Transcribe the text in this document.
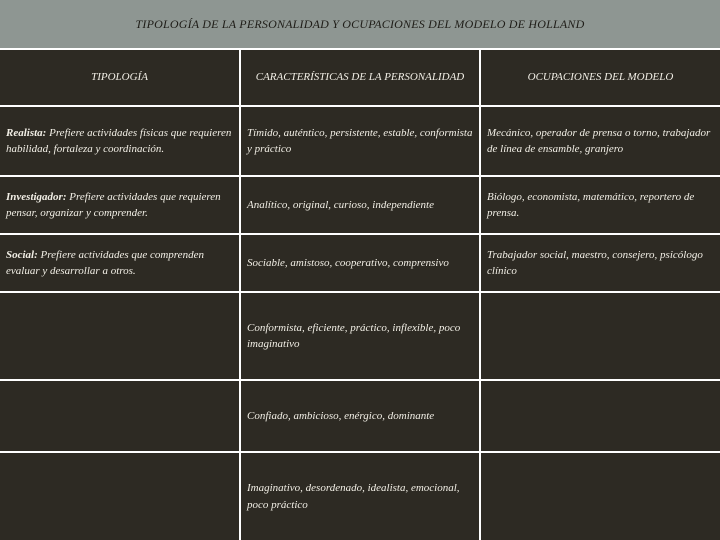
TIPOLOGÍA DE LA PERSONALIDAD Y OCUPACIONES DEL MODELO DE HOLLAND
TIPOLOGÍA	CARACTERÍSTICAS DE LA PERSONALIDAD	OCUPACIONES DEL MODELO
Realista: Prefiere actividades físicas que requieren habilidad, fortaleza y coordinación.	Tímido, auténtico, persistente, estable, conformista y práctico	Mecánico, operador de prensa o torno, trabajador de línea de ensamble, granjero
Investigador: Prefiere actividades que requieren pensar, organizar y comprender.	Analítico, original, curioso, independiente	Biólogo, economista, matemático, reportero de prensa.
Social: Prefiere actividades que comprenden evaluar y desarrollar a otros.	Sociable, amistoso, cooperativo, comprensivo	Trabajador social, maestro, consejero, psicólogo clínico
	Conformista, eficiente, práctico, inflexible, poco imaginativo	
	Confiado, ambicioso, enérgico, dominante	
	Imaginativo, desordenado, idealista, emocional, poco práctico	
